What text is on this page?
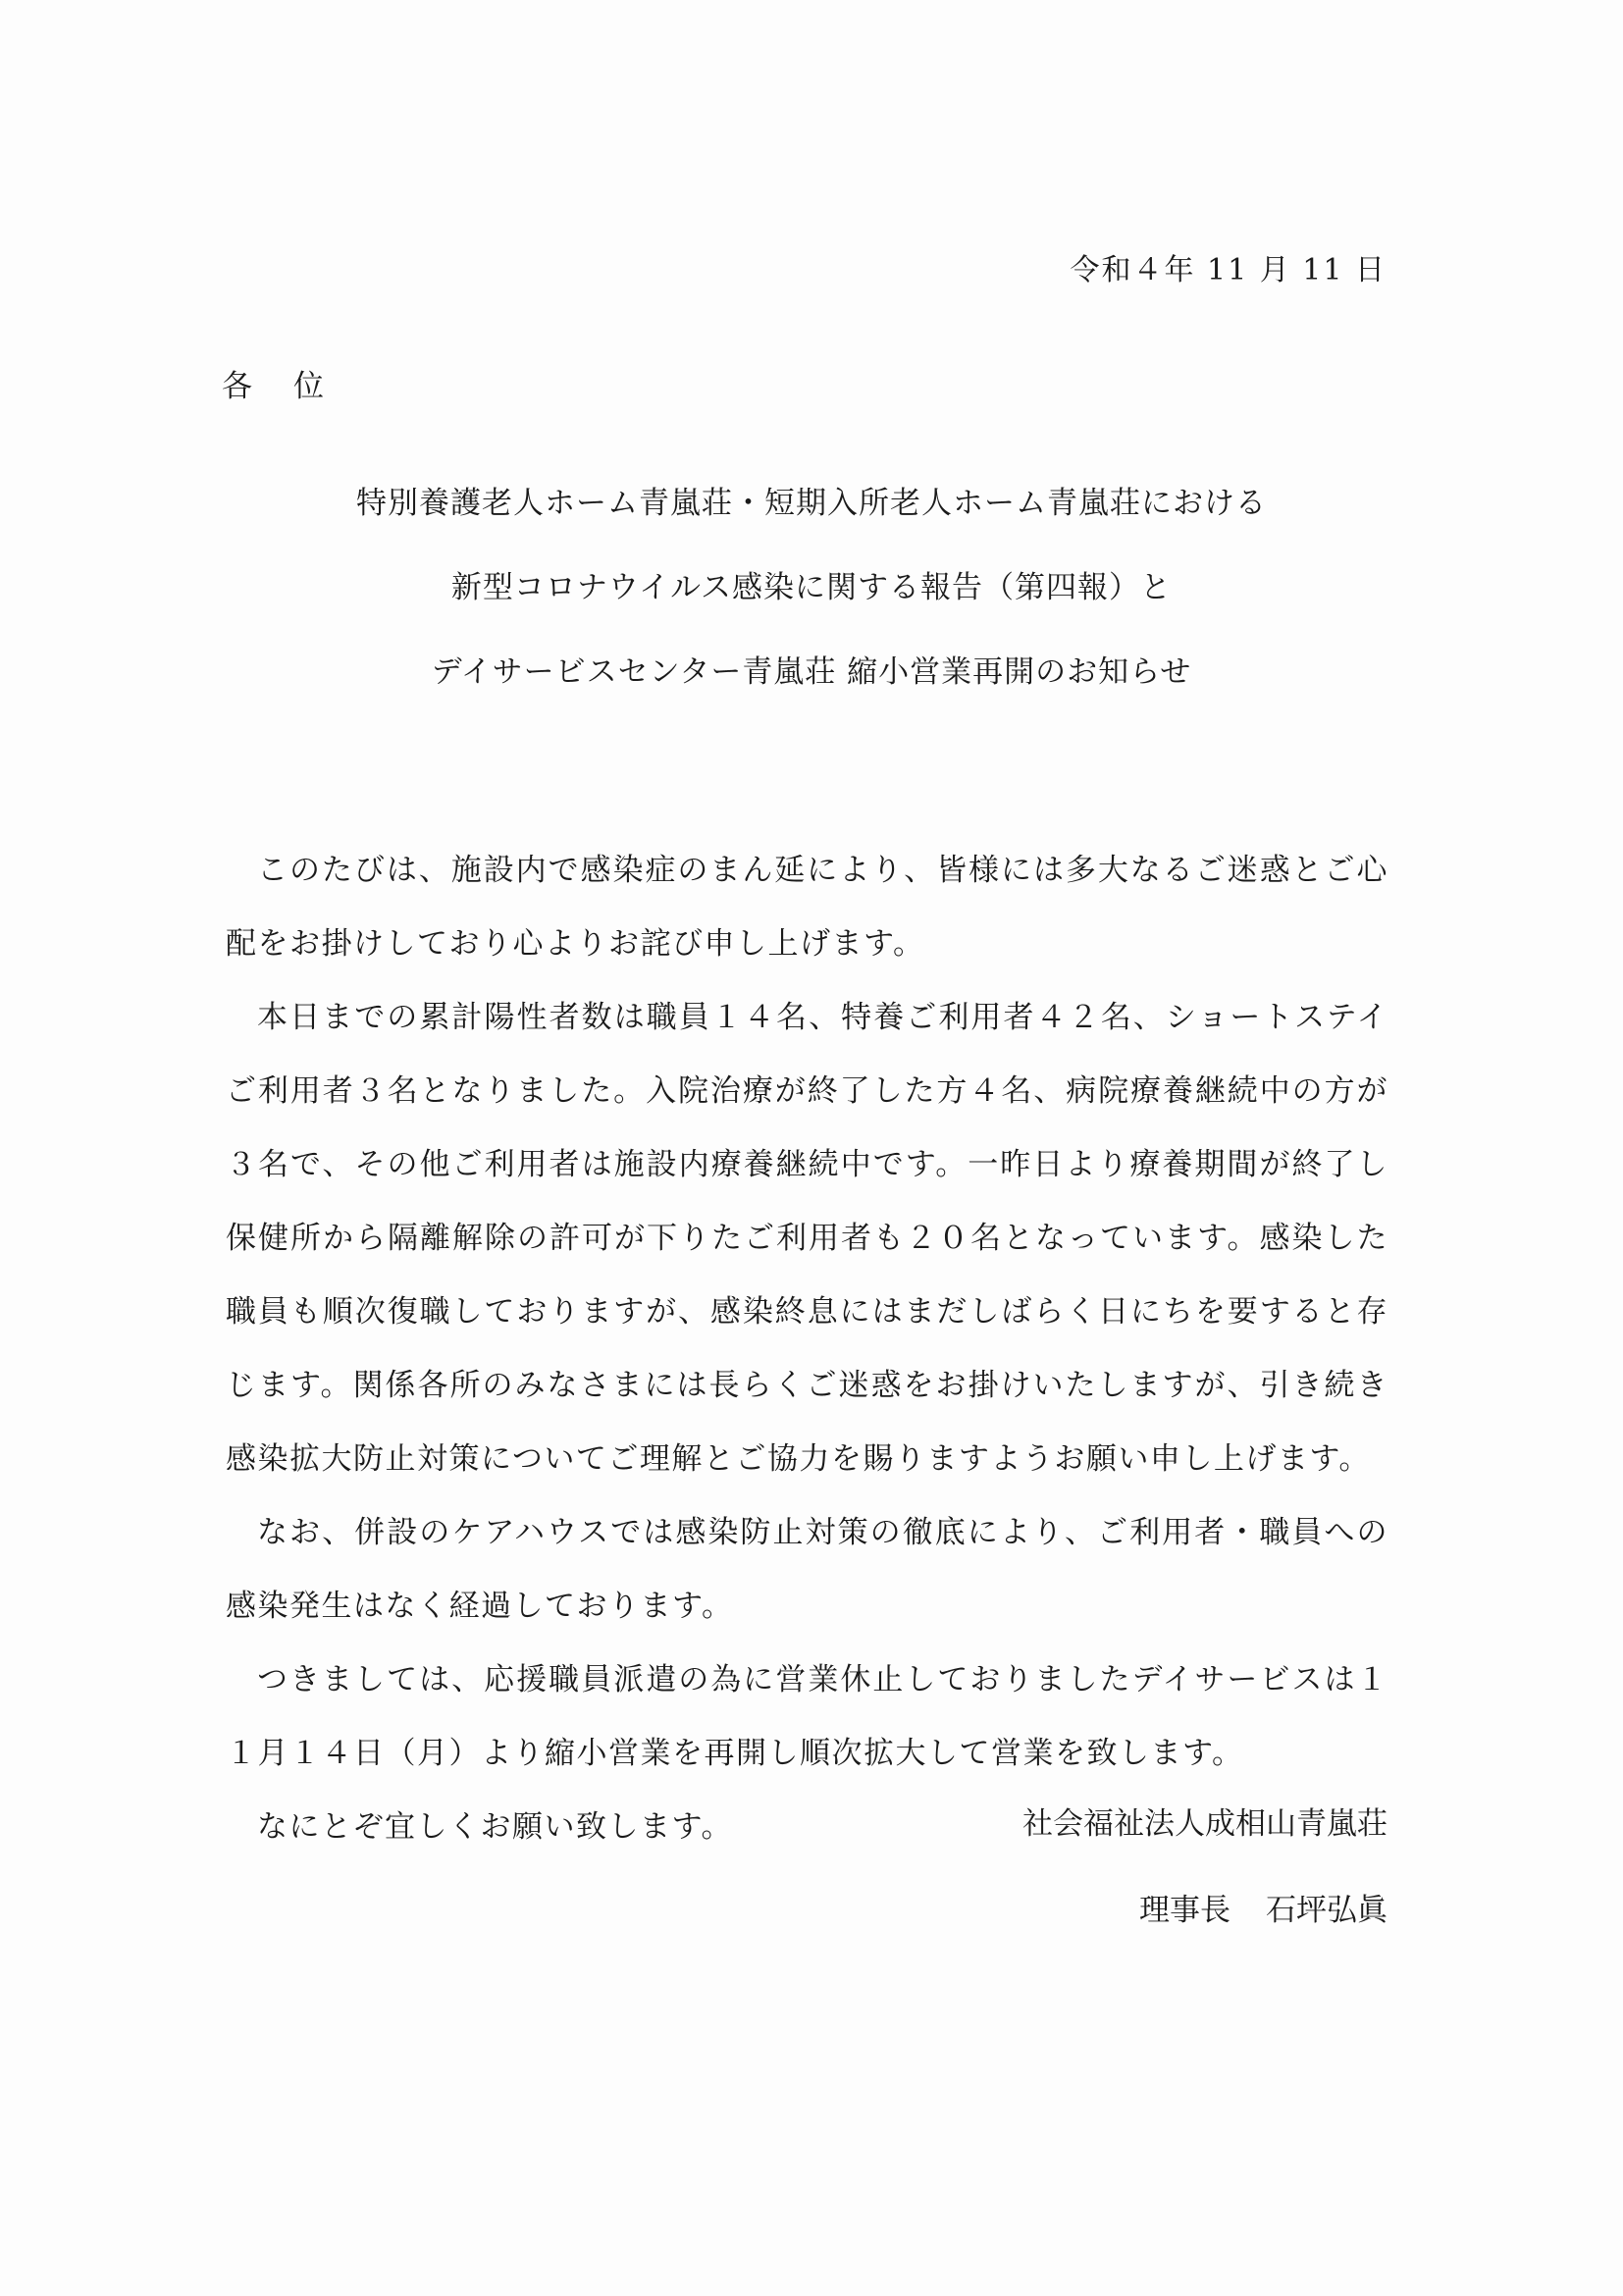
令和４年 11 月 11 日
各位
特別養護老人ホーム青嵐荘・短期入所老人ホーム青嵐荘における
新型コロナウイルス感染に関する報告（第四報）と
デイサービスセンター青嵐荘 縮小営業再開のお知らせ

このたびは、施設内で感染症のまん延により、皆様には多大なるご迷惑とご心配をお掛けしており心よりお詫び申し上げます。

本日までの累計陽性者数は職員１４名、特養ご利用者４２名、ショートステイご利用者３名となりました。入院治療が終了した方４名、病院療養継続中の方が３名で、その他ご利用者は施設内療養継続中です。一昨日より療養期間が終了し保健所から隔離解除の許可が下りたご利用者も２０名となっています。感染した職員も順次復職しておりますが、感染終息にはまだしばらく日にちを要すると存じます。関係各所のみなさまには長らくご迷惑をお掛けいたしますが、引き続き感染拡大防止対策についてご理解とご協力を賜りますようお願い申し上げます。

なお、併設のケアハウスでは感染防止対策の徹底により、ご利用者・職員への感染発生はなく経過しております。

つきましては、応援職員派遣の為に営業休止しておりましたデイサービスは１１月１４日（月）より縮小営業を再開し順次拡大して営業を致します。

なにとぞ宜しくお願い致します。	社会福祉法人成相山青嵐荘
理事長 石坪弘眞
